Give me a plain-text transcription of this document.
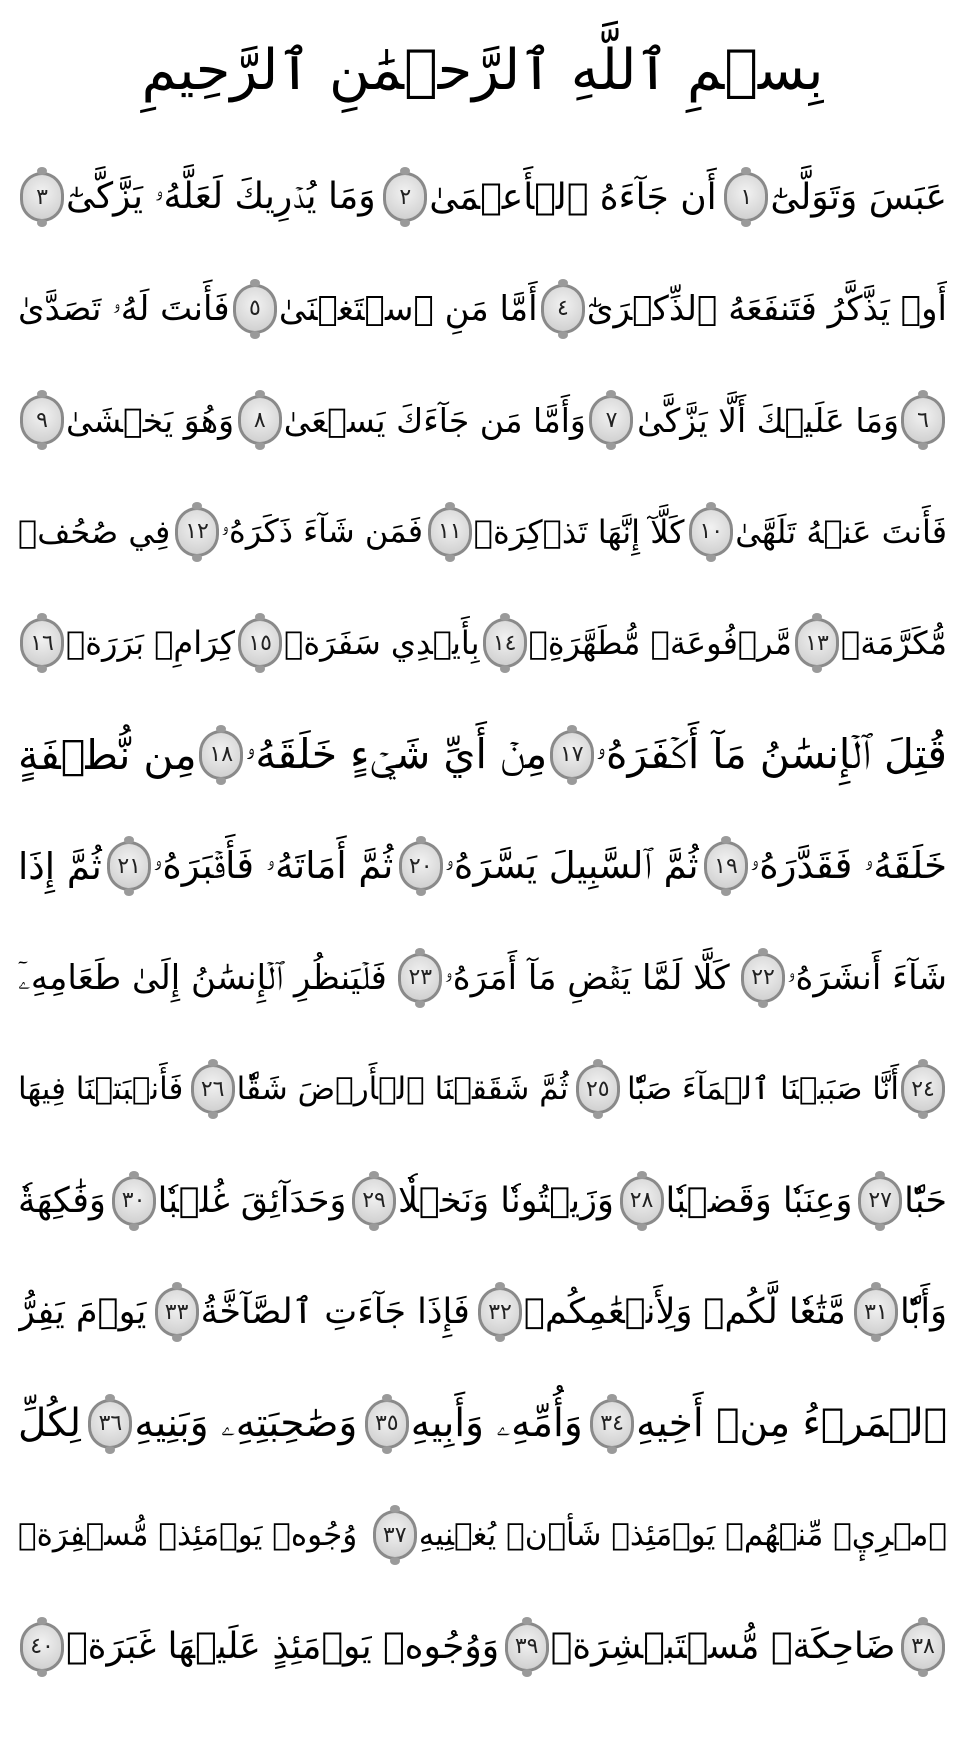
بِسۡمِ ٱللَّهِ ٱلرَّحۡمَٰنِ ٱلرَّحِيمِ
عَبَسَ وَتَوَلَّىٰٓ
١
أَن جَآءَهُ ٱلۡأَعۡمَىٰ
٢
وَمَا يُدۡرِيكَ لَعَلَّهُۥ يَزَّكَّىٰٓ
٣
أَوۡ يَذَّكَّرُ فَتَنفَعَهُ ٱلذِّكۡرَىٰٓ
٤
أَمَّا مَنِ ٱسۡتَغۡنَىٰ
٥
فَأَنتَ لَهُۥ تَصَدَّىٰ
٦
وَمَا عَلَيۡكَ أَلَّا يَزَّكَّىٰ
٧
وَأَمَّا مَن جَآءَكَ يَسۡعَىٰ
٨
وَهُوَ يَخۡشَىٰ
٩
فَأَنتَ عَنۡهُ تَلَهَّىٰ
١٠
كَلَّآ إِنَّهَا تَذۡكِرَةٞ
١١
فَمَن شَآءَ ذَكَرَهُۥ
١٢
فِي صُحُفٖ
مُّكَرَّمَةٖ
١٣
مَّرۡفُوعَةٖ مُّطَهَّرَةِۭ
١٤
بِأَيۡدِي سَفَرَةٖ
١٥
كِرَامِۭ بَرَرَةٖ
١٦
قُتِلَ ٱلۡإِنسَٰنُ مَآ أَكۡفَرَهُۥ
١٧
مِنۡ أَيِّ شَيۡءٍ خَلَقَهُۥ
١٨
مِن نُّطۡفَةٍ
خَلَقَهُۥ فَقَدَّرَهُۥ
١٩
ثُمَّ ٱلسَّبِيلَ يَسَّرَهُۥ
٢٠
ثُمَّ أَمَاتَهُۥ فَأَقۡبَرَهُۥ
٢١
ثُمَّ إِذَا
شَآءَ أَنشَرَهُۥ
٢٢
كَلَّا لَمَّا يَقۡضِ مَآ أَمَرَهُۥ
٢٣
فَلۡيَنظُرِ ٱلۡإِنسَٰنُ إِلَىٰ طَعَامِهِۦٓ
٢٤
أَنَّا صَبَبۡنَا ٱلۡمَآءَ صَبّٗا
٢٥
ثُمَّ شَقَقۡنَا ٱلۡأَرۡضَ شَقّٗا
٢٦
فَأَنۢبَتۡنَا فِيهَا
حَبّٗا
٢٧
وَعِنَبٗا وَقَضۡبٗا
٢٨
وَزَيۡتُونٗا وَنَخۡلٗا
٢٩
وَحَدَآئِقَ غُلۡبٗا
٣٠
وَفَٰكِهَةٗ
وَأَبّٗا
٣١
مَّتَٰعٗا لَّكُمۡ وَلِأَنۡعَٰمِكُمۡ
٣٢
فَإِذَا جَآءَتِ ٱلصَّآخَّةُ
٣٣
يَوۡمَ يَفِرُّ
ٱلۡمَرۡءُ مِنۡ أَخِيهِ
٣٤
وَأُمِّهِۦ وَأَبِيهِ
٣٥
وَصَٰحِبَتِهِۦ وَبَنِيهِ
٣٦
لِكُلِّ
ٱمۡرِيٕٖ مِّنۡهُمۡ يَوۡمَئِذٖ شَأۡنٞ يُغۡنِيهِ
٣٧
وُجُوهٞ يَوۡمَئِذٖ مُّسۡفِرَةٞ
٣٨
ضَاحِكَةٞ مُّسۡتَبۡشِرَةٞ
٣٩
وَوُجُوهٞ يَوۡمَئِذٍ عَلَيۡهَا غَبَرَةٞ
٤٠
